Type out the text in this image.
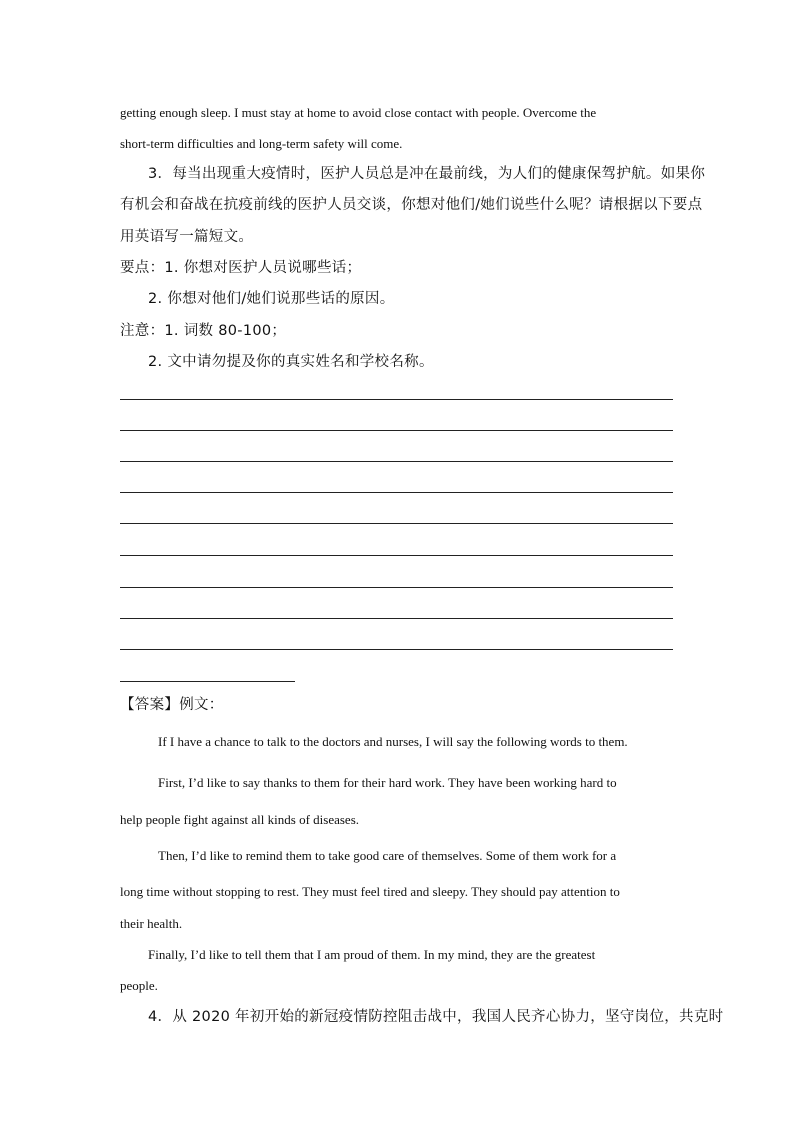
getting enough sleep. I must stay at home to avoid close contact with people. Overcome the
short-term difficulties and long-term safety will come.
3．每当出现重大疫情时，医护人员总是冲在最前线，为人们的健康保驾护航。如果你
有机会和奋战在抗疫前线的医护人员交谈，你想对他们/她们说些什么呢？请根据以下要点
用英语写一篇短文。
要点：1. 你想对医护人员说哪些话；
2. 你想对他们/她们说那些话的原因。
注意：1. 词数 80-100；
2. 文中请勿提及你的真实姓名和学校名称。
【答案】例文：
If I have a chance to talk to the doctors and nurses, I will say the following words to them.
First, I’d like to say thanks to them for their hard work. They have been working hard to
help people fight against all kinds of diseases.
Then, I’d like to remind them to take good care of themselves. Some of them work for a
long time without stopping to rest. They must feel tired and sleepy. They should pay attention to
their health.
Finally, I’d like to tell them that I am proud of them. In my mind, they are the greatest
people.
4．从 2020 年初开始的新冠疫情防控阻击战中，我国人民齐心协力，坚守岗位，共克时
